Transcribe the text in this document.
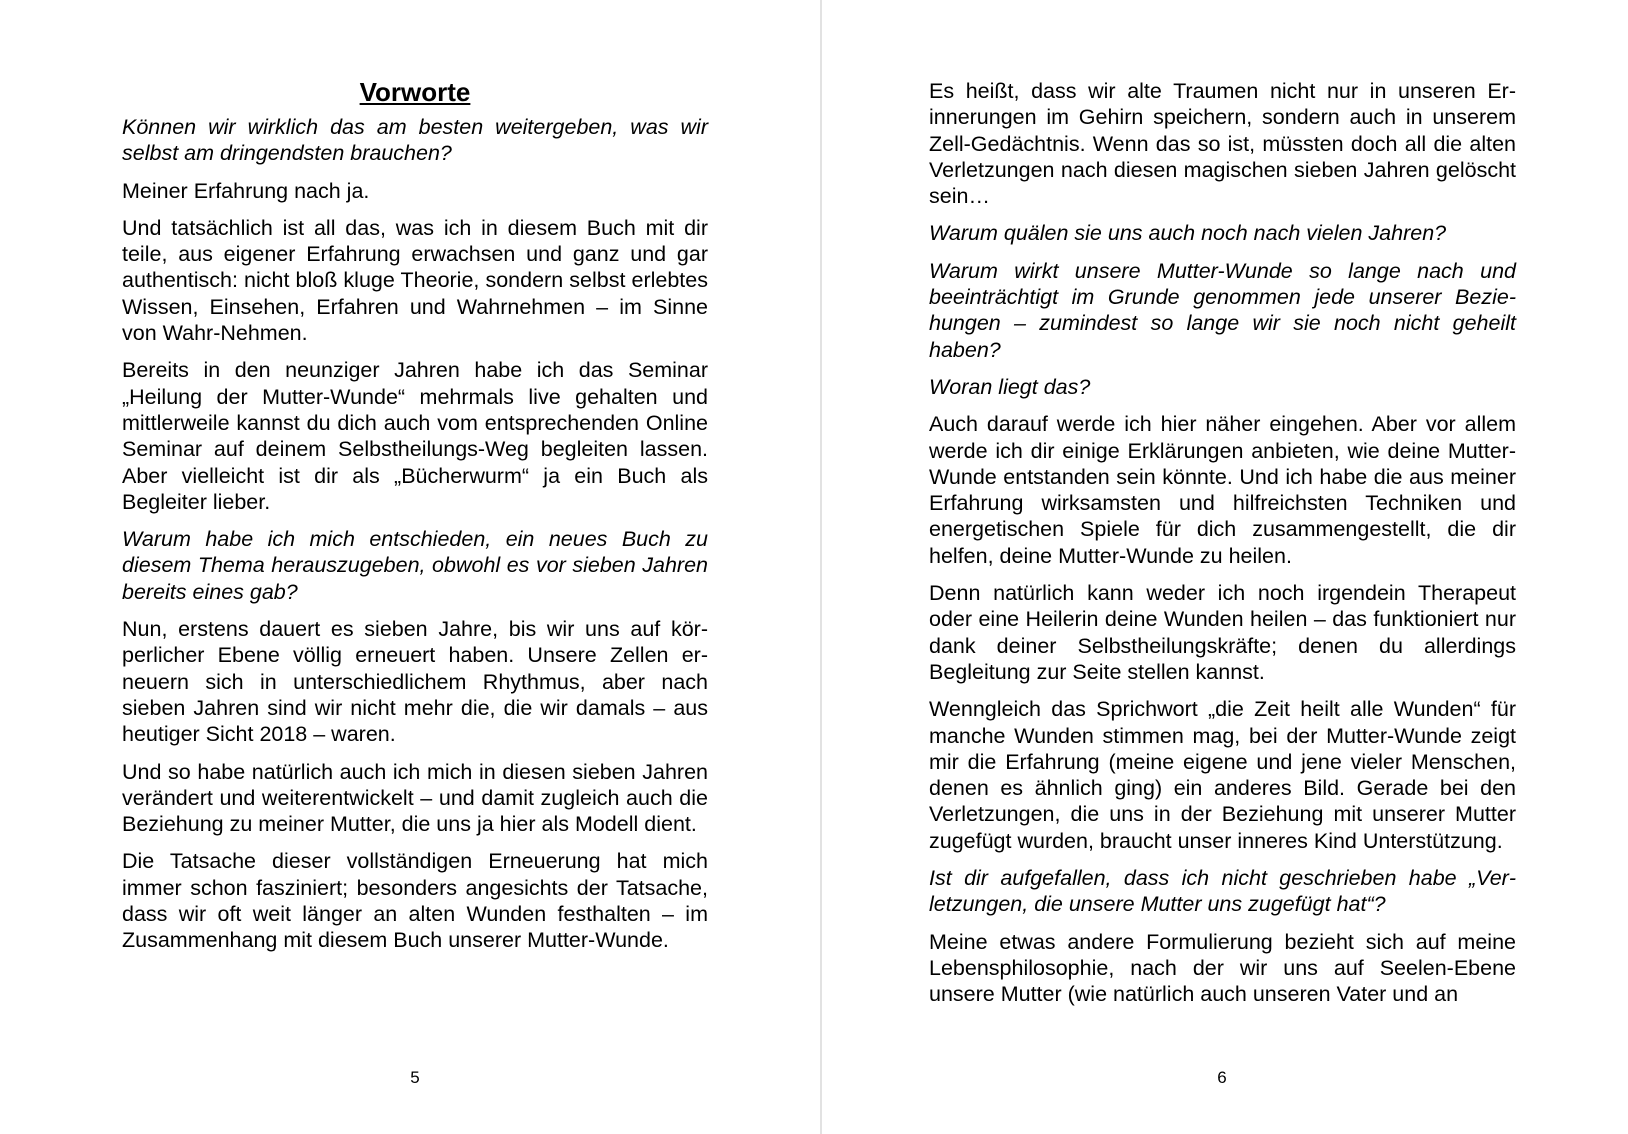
Vorworte

Können wir wirklich das am besten weitergeben, was wir selbst am dringendsten brauchen?

Meiner Erfahrung nach ja.

Und tatsächlich ist all das, was ich in diesem Buch mit dir teile, aus eigener Erfahrung erwachsen und ganz und gar authentisch: nicht bloß kluge Theorie, sondern selbst erlebtes Wissen, Einsehen, Erfahren und Wahrnehmen – im Sinne von Wahr-Nehmen.

Bereits in den neunziger Jahren habe ich das Seminar „Heilung der Mutter-Wunde“ mehrmals live gehalten und mittlerweile kannst du dich auch vom entsprechenden Online Seminar auf deinem Selbstheilungs-Weg begleiten lassen. Aber vielleicht ist dir als „Bücherwurm“ ja ein Buch als Begleiter lieber.

Warum habe ich mich entschieden, ein neues Buch zu diesem Thema herauszugeben, obwohl es vor sieben Jahren bereits eines gab?

Nun, erstens dauert es sieben Jahre, bis wir uns auf körperlicher Ebene völlig erneuert haben. Unsere Zellen erneuern sich in unterschiedlichem Rhythmus, aber nach sieben Jahren sind wir nicht mehr die, die wir damals – aus heutiger Sicht 2018 – waren.

Und so habe natürlich auch ich mich in diesen sieben Jahren verändert und weiterentwickelt – und damit zugleich auch die Beziehung zu meiner Mutter, die uns ja hier als Modell dient.

Die Tatsache dieser vollständigen Erneuerung hat mich immer schon fasziniert; besonders angesichts der Tatsache, dass wir oft weit länger an alten Wunden festhalten – im Zusammenhang mit diesem Buch unserer Mutter-Wunde.

5

Es heißt, dass wir alte Traumen nicht nur in unseren Erinnerungen im Gehirn speichern, sondern auch in unserem Zell-Gedächtnis. Wenn das so ist, müssten doch all die alten Verletzungen nach diesen magischen sieben Jahren gelöscht sein…

Warum quälen sie uns auch noch nach vielen Jahren?

Warum wirkt unsere Mutter-Wunde so lange nach und beeinträchtigt im Grunde genommen jede unserer Beziehungen – zumindest so lange wir sie noch nicht geheilt haben?

Woran liegt das?

Auch darauf werde ich hier näher eingehen. Aber vor allem werde ich dir einige Erklärungen anbieten, wie deine Mutter-Wunde entstanden sein könnte. Und ich habe die aus meiner Erfahrung wirksamsten und hilfreichsten Techniken und energetischen Spiele für dich zusammengestellt, die dir helfen, deine Mutter-Wunde zu heilen.

Denn natürlich kann weder ich noch irgendein Therapeut oder eine Heilerin deine Wunden heilen – das funktioniert nur dank deiner Selbstheilungskräfte; denen du allerdings Begleitung zur Seite stellen kannst.

Wenngleich das Sprichwort „die Zeit heilt alle Wunden“ für manche Wunden stimmen mag, bei der Mutter-Wunde zeigt mir die Erfahrung (meine eigene und jene vieler Menschen, denen es ähnlich ging) ein anderes Bild. Gerade bei den Verletzungen, die uns in der Beziehung mit unserer Mutter zugefügt wurden, braucht unser inneres Kind Unterstützung.

Ist dir aufgefallen, dass ich nicht geschrieben habe „Verletzungen, die unsere Mutter uns zugefügt hat“?

Meine etwas andere Formulierung bezieht sich auf meine Lebensphilosophie, nach der wir uns auf Seelen-Ebene unsere Mutter (wie natürlich auch unseren Vater und an

6
